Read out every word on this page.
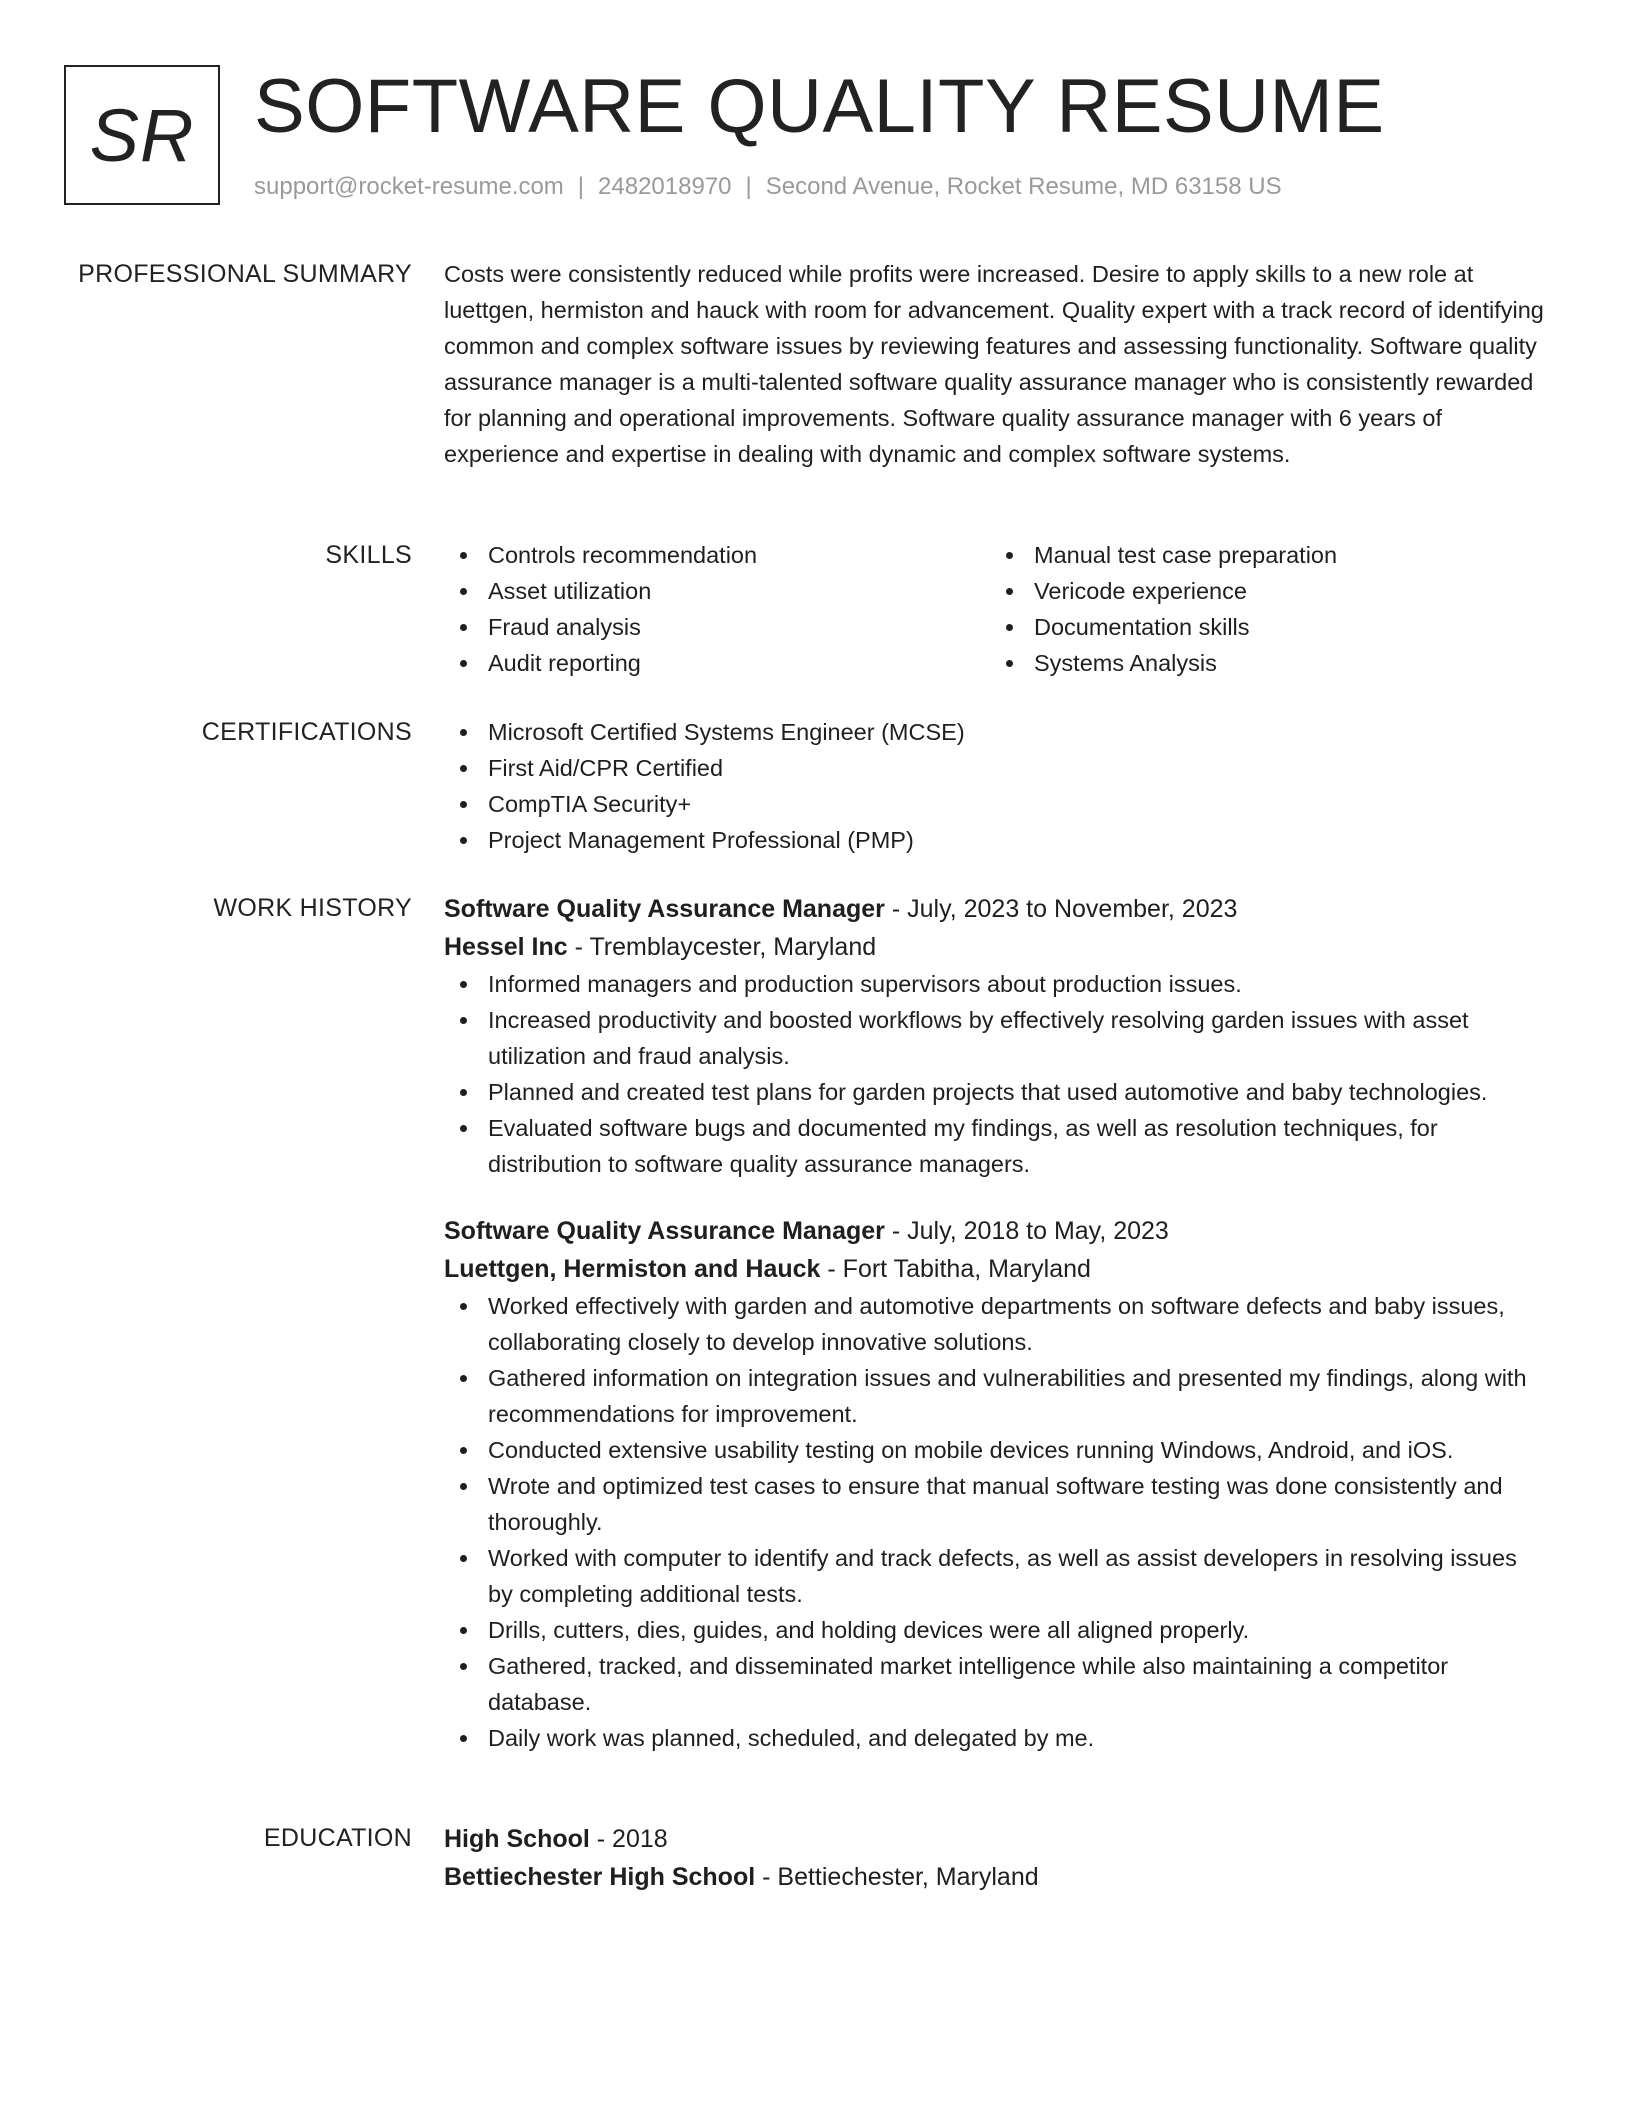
SR SOFTWARE QUALITY RESUME
support@rocket-resume.com | 2482018970 | Second Avenue, Rocket Resume, MD 63158 US
PROFESSIONAL SUMMARY Costs were consistently reduced while profits were increased. Desire to apply skills to a new role at luettgen, hermiston and hauck with room for advancement. Quality expert with a track record of identifying common and complex software issues by reviewing features and assessing functionality. Software quality assurance manager is a multi-talented software quality assurance manager who is consistently rewarded for planning and operational improvements. Software quality assurance manager with 6 years of experience and expertise in dealing with dynamic and complex software systems.

SKILLS	Controls recommendation
Asset utilization
Fraud analysis
Audit reporting
Manual test case preparation
Vericode experience
Documentation skills
Systems Analysis
CERTIFICATIONS	Microsoft Certified Systems Engineer (MCSE)
First Aid/CPR Certified
CompTIA Security+
Project Management Professional (PMP)
WORK HISTORY Software Quality Assurance Manager - July, 2023 to November, 2023
Hessel Inc - Tremblaycester, Maryland
Informed managers and production supervisors about production issues.
Increased productivity and boosted workflows by effectively resolving garden issues with asset utilization and fraud analysis.
Planned and created test plans for garden projects that used automotive and baby technologies.
Evaluated software bugs and documented my findings, as well as resolution techniques, for distribution to software quality assurance managers.
Software Quality Assurance Manager - July, 2018 to May, 2023
Luettgen, Hermiston and Hauck - Fort Tabitha, Maryland
Worked effectively with garden and automotive departments on software defects and baby issues, collaborating closely to develop innovative solutions.
Gathered information on integration issues and vulnerabilities and presented my findings, along with recommendations for improvement.
Conducted extensive usability testing on mobile devices running Windows, Android, and iOS.
Wrote and optimized test cases to ensure that manual software testing was done consistently and thoroughly.
Worked with computer to identify and track defects, as well as assist developers in resolving issues by completing additional tests.
Drills, cutters, dies, guides, and holding devices were all aligned properly.
Gathered, tracked, and disseminated market intelligence while also maintaining a competitor database.
Daily work was planned, scheduled, and delegated by me.
EDUCATION High School - 2018
Bettiechester High School - Bettiechester, Maryland
